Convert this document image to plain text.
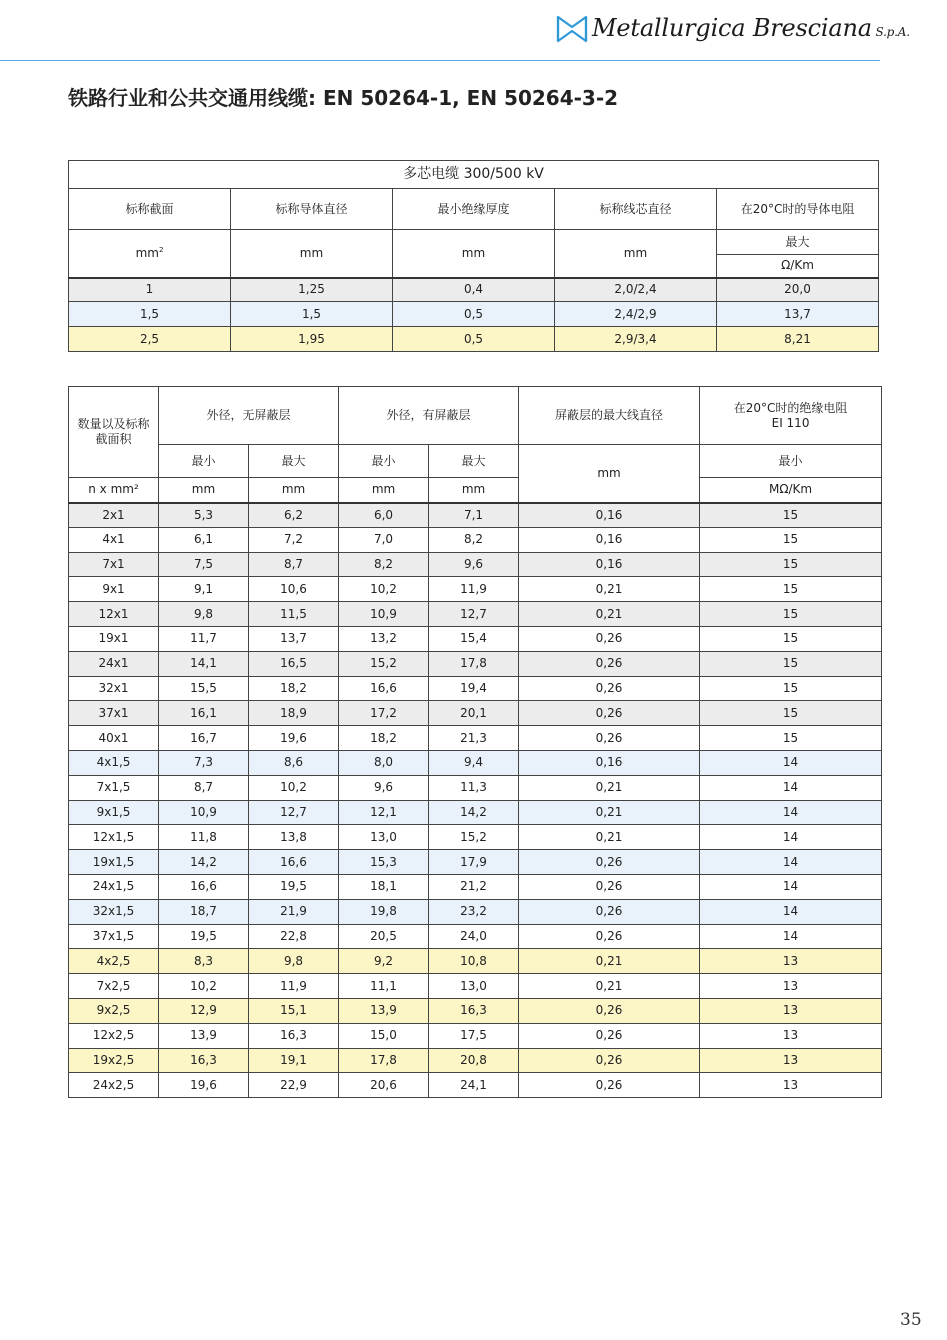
Metallurgica Bresciana S.p.A.
铁路行业和公共交通用线缆: EN 50264-1, EN 50264-3-2
多芯电缆 300/500 kV				
标称截面	标称导体直径	最小绝缘厚度	标称线芯直径	在20°C时的导体电阻
$mm^2$	mm	mm	mm	最大
				Ω/Km
1	1,25	0,4	2,0/2,4	20,0
1,5	1,5	0,5	2,4/2,9	13,7
2,5	1,95	0,5	2,9/3,4	8,21
数量以及标称截面积	外径，无屏蔽层		外径，有屏蔽层		屏蔽层的最大线直径	在20°C时的绝缘电阻
EI 110

	最小	最大	最小	最大	mm	最小
n x mm²	mm	mm	mm	mm		MΩ/Km
2x1	5,3	6,2	6,0	7,1	0,16	15
4x1	6,1	7,2	7,0	8,2	0,16	15
7x1	7,5	8,7	8,2	9,6	0,16	15
9x1	9,1	10,6	10,2	11,9	0,21	15
12x1	9,8	11,5	10,9	12,7	0,21	15
19x1	11,7	13,7	13,2	15,4	0,26	15
24x1	14,1	16,5	15,2	17,8	0,26	15
32x1	15,5	18,2	16,6	19,4	0,26	15
37x1	16,1	18,9	17,2	20,1	0,26	15
40x1	16,7	19,6	18,2	21,3	0,26	15
4x1,5	7,3	8,6	8,0	9,4	0,16	14
7x1,5	8,7	10,2	9,6	11,3	0,21	14
9x1,5	10,9	12,7	12,1	14,2	0,21	14
12x1,5	11,8	13,8	13,0	15,2	0,21	14
19x1,5	14,2	16,6	15,3	17,9	0,26	14
24x1,5	16,6	19,5	18,1	21,2	0,26	14
32x1,5	18,7	21,9	19,8	23,2	0,26	14
37x1,5	19,5	22,8	20,5	24,0	0,26	14
4x2,5	8,3	9,8	9,2	10,8	0,21	13
7x2,5	10,2	11,9	11,1	13,0	0,21	13
9x2,5	12,9	15,1	13,9	16,3	0,26	13
12x2,5	13,9	16,3	15,0	17,5	0,26	13
19x2,5	16,3	19,1	17,8	20,8	0,26	13
24x2,5	19,6	22,9	20,6	24,1	0,26	13
35
